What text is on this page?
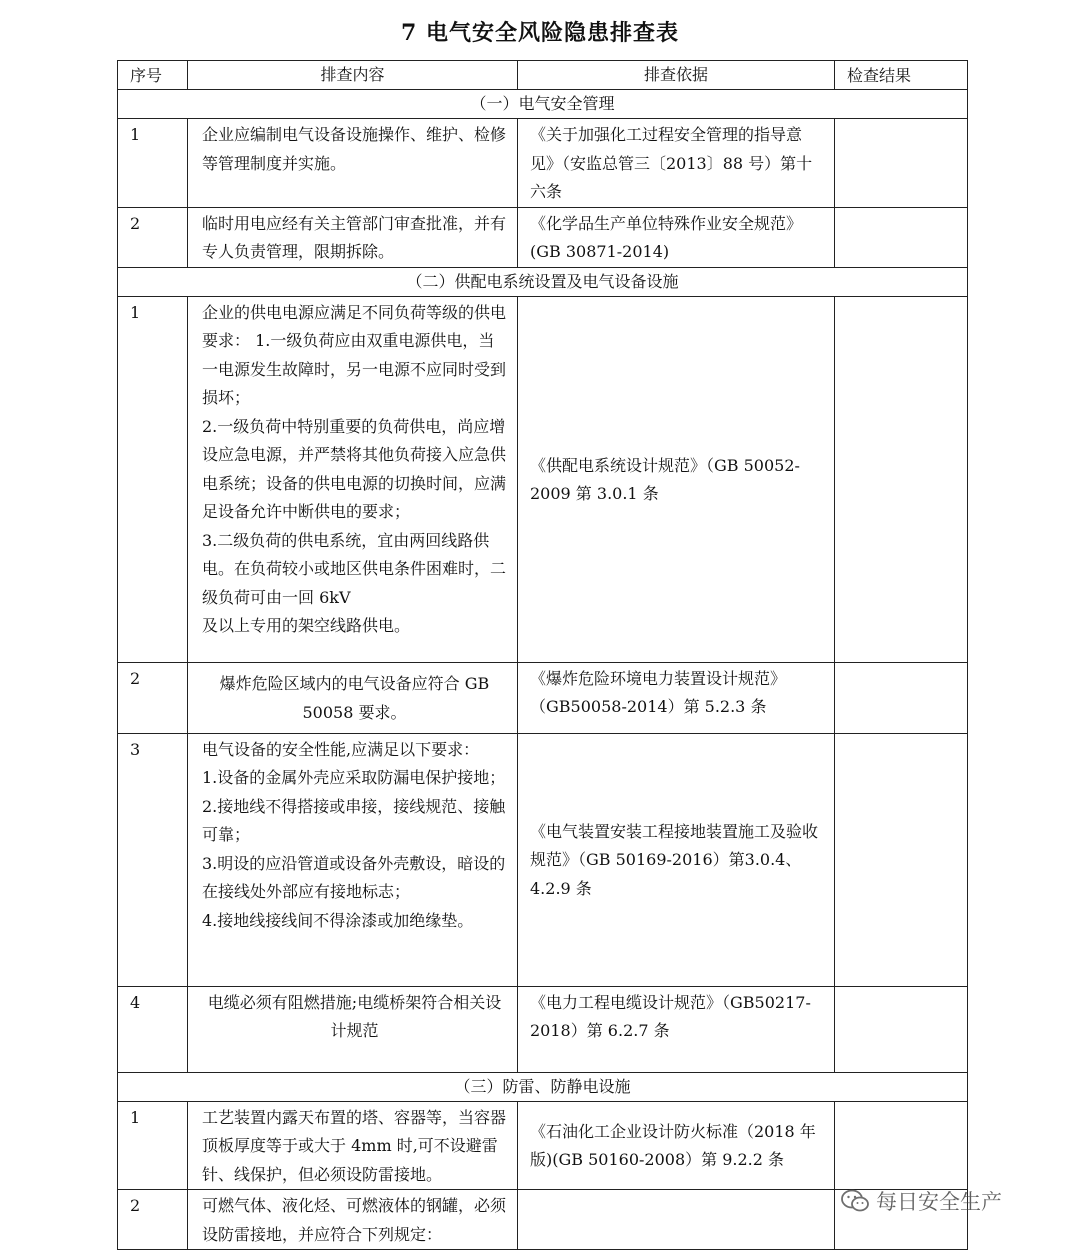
7 电气安全风险隐患排查表
序号	排查内容	排查依据	检查结果
（一）电气安全管理			
1	企业应编制电气设备设施操作、维护、检修等管理制度并实施。	《关于加强化工过程安全管理的指导意见》（安监总管三〔2013〕88 号）第十六条	

2	临时用电应经有关主管部门审查批准，并有专人负责管理，限期拆除。	《化学品生产单位特殊作业安全规范》(GB 30871-2014)	

（二）供配电系统设置及电气设备设施			
1	企业的供电电源应满足不同负荷等级的供电要求： 1.一级负荷应由双重电源供电，当一电源发生故障时，另一电源不应同时受到损坏；
2.一级负荷中特别重要的负荷供电，尚应增设应急电源，并严禁将其他负荷接入应急供电系统；设备的供电电源的切换时间，应满足设备允许中断供电的要求；
3.二级负荷的供电系统，宜由两回线路供电。在负荷较小或地区供电条件困难时，二级负荷可由一回 6kV
及以上专用的架空线路供电。	《供配电系统设计规范》（GB 50052-2009 第 3.0.1 条	

2	爆炸危险区域内的电气设备应符合 GB 50058 要求。	《爆炸危险环境电力装置设计规范》（GB50058-2014）第 5.2.3 条	

3	电气设备的安全性能,应满足以下要求：
1.设备的金属外壳应采取防漏电保护接地；
2.接地线不得搭接或串接，接线规范、接触可靠；
3.明设的应沿管道或设备外壳敷设，暗设的在接线处外部应有接地标志；
4.接地线接线间不得涂漆或加绝缘垫。	《电气装置安装工程接地装置施工及验收规范》（GB 50169-2016）第3.0.4、4.2.9 条	

4	电缆必须有阻燃措施;电缆桥架符合相关设计规范	《电力工程电缆设计规范》（GB50217-2018）第 6.2.7 条	

（三）防雷、防静电设施			
1	工艺装置内露天布置的塔、容器等，当容器顶板厚度等于或大于 4mm 时,可不设避雷针、线保护，但必须设防雷接地。	《石油化工企业设计防火标准（2018 年版)(GB 50160-2008）第 9.2.2 条	

2	可燃气体、液化烃、可燃液体的钢罐，必须设防雷接地，并应符合下列规定：		

每日安全生产
